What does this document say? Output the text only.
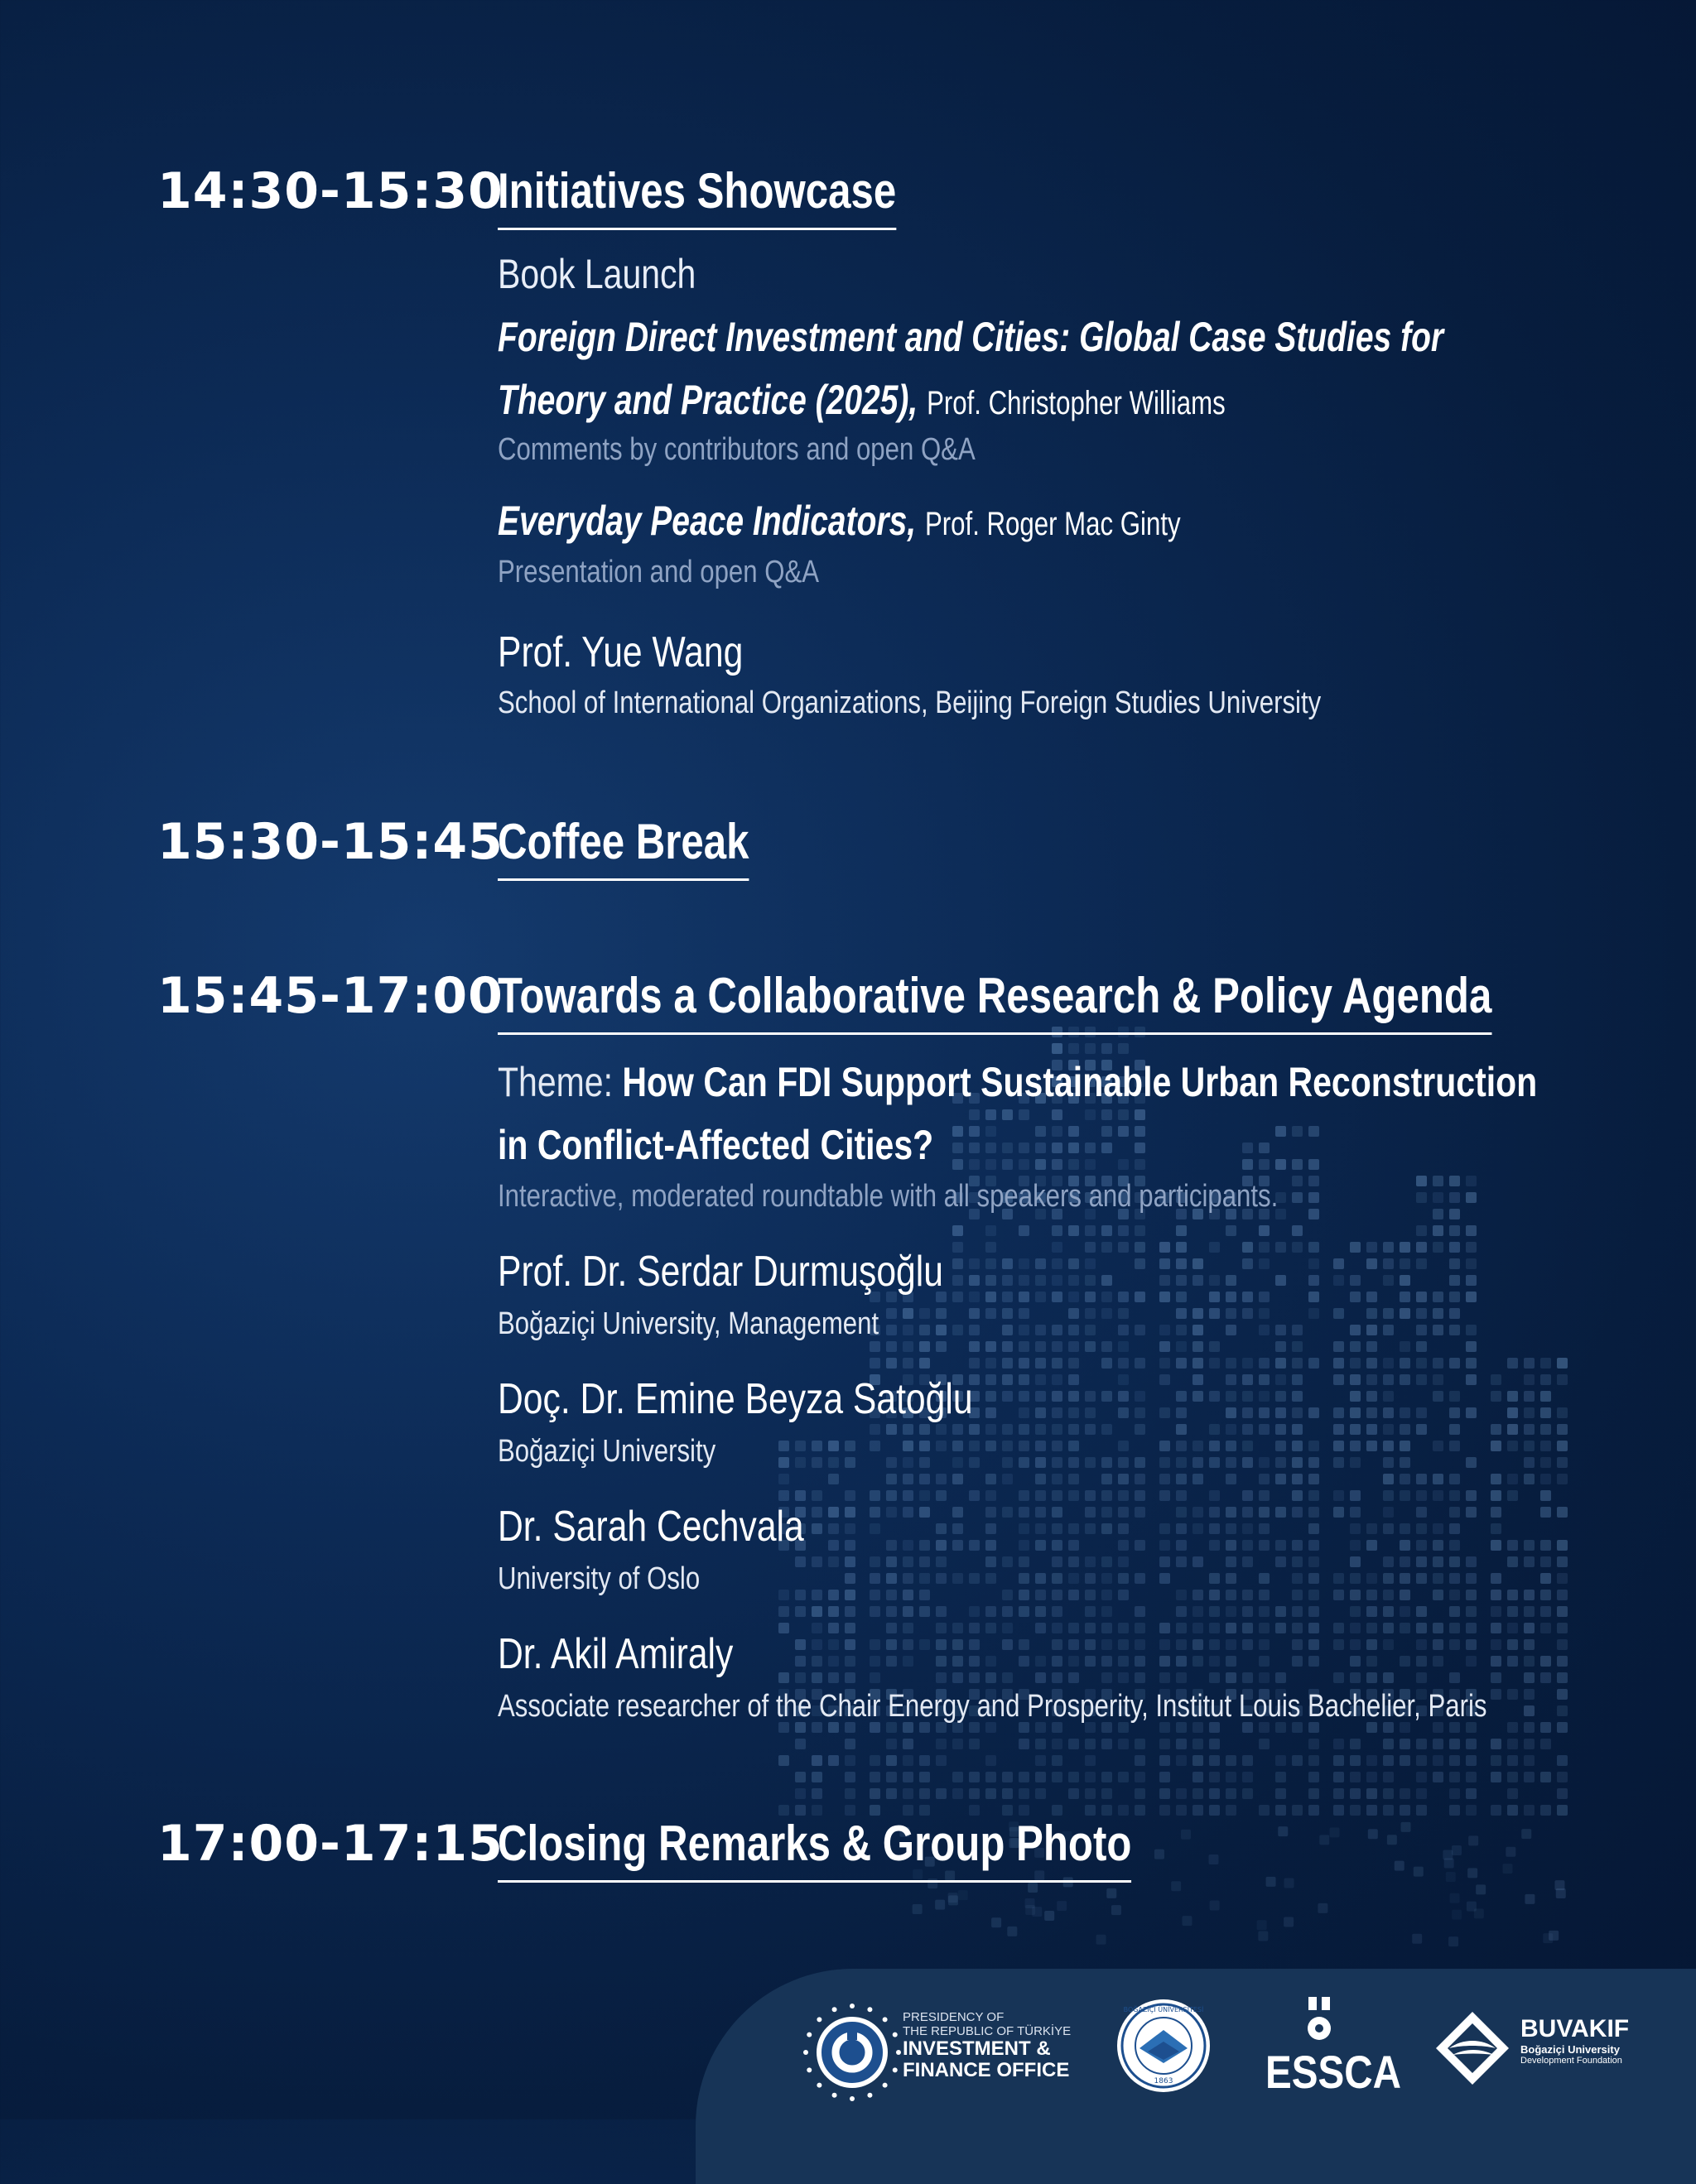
14:30-15:30
Initiatives Showcase
Book Launch
Foreign Direct Investment and Cities: Global Case Studies for
Theory and Practice (2025), Prof. Christopher Williams
Comments by contributors and open Q&A
Everyday Peace Indicators, Prof. Roger Mac Ginty
Presentation and open Q&A
Prof. Yue Wang
School of International Organizations, Beijing Foreign Studies University
15:30-15:45
Coffee Break
15:45-17:00
Towards a Collaborative Research & Policy Agenda
Theme: How Can FDI Support Sustainable Urban Reconstruction
in Conflict-Affected Cities?
Interactive, moderated roundtable with all speakers and participants.
Prof. Dr. Serdar Durmuşoğlu
Boğaziçi University, Management
Doç. Dr. Emine Beyza Satoğlu
Boğaziçi University
Dr. Sarah Cechvala
University of Oslo
Dr. Akil Amiraly
Associate researcher of the Chair Energy and Prosperity, Institut Louis Bachelier, Paris
17:00-17:15
Closing Remarks & Group Photo
PRESIDENCY OF
THE REPUBLIC OF TÜRKİYE
INVESTMENT &
FINANCE OFFICE	1863
BOĞAZİÇİ ÜNİVERSİTESİ
ESSCA
BUVAKIF
Boğaziçi University
Development Foundation
